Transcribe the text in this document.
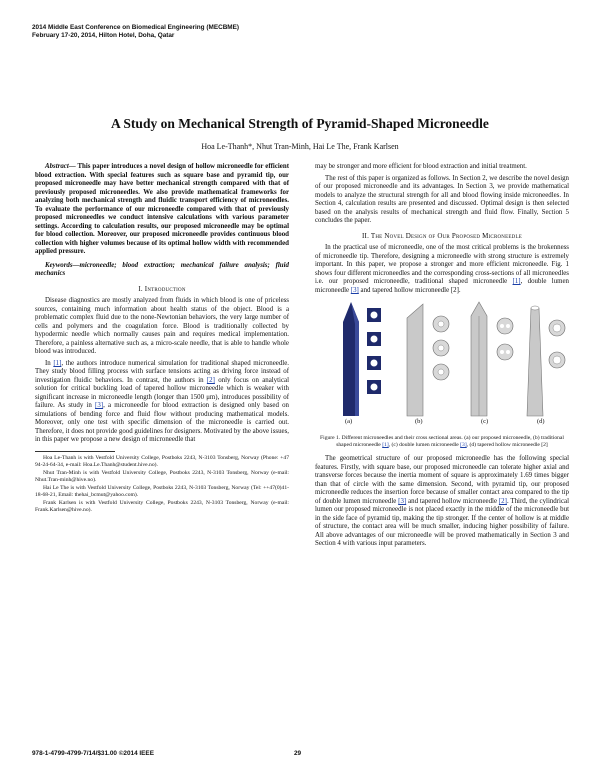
2014 Middle East Conference on Biomedical Engineering (MECBME)
February 17-20, 2014, Hilton Hotel, Doha, Qatar
A Study on Mechanical Strength of Pyramid-Shaped Microneedle
Hoa Le-Thanh*, Nhut Tran-Minh, Hai Le The, Frank Karlsen

Abstract— This paper introduces a novel design of hollow microneedle for efficient blood extraction. With special features such as square base and pyramid tip, our proposed microneedle may have better mechanical strength compared with that of previously proposed microneedles. We also provide mathematical frameworks for analyzing both mechanical strength and fluidic transport efficiency of microneedles. To evaluate the performance of our microneedle compared with that of previously proposed microneedles we conduct intensive calculations with various parameter settings. According to calculation results, our proposed microneedle may be optimal for blood collection. Moreover, our proposed microneedle provides continuous blood collection with higher volumes because of its optimal hollow width with recommended applied pressure.

Keywords—microneedle; blood extraction; mechanical failure analysis; fluid mechanics

I. Introduction

Disease diagnostics are mostly analyzed from fluids in which blood is one of priceless sources, containing much information about health status of the object. Blood is a problematic complex fluid due to the none-Newtonian behaviors, the very large number of cells and polymers and the coagulation force. Blood is traditionally collected by hypodermic needle which normally causes pain and requires medical implementation. Therefore, a painless alternative such as, a micro-scale needle, that is able to handle whole blood was introduced.

In [1], the authors introduce numerical simulation for traditional shaped microneedle. They study blood filling process with surface tensions acting as driving force instead of investigation fluidic behaviors. In contrast, the authors in [2] only focus on analytical solution for critical buckling load of tapered hollow microneedle which is weaker with significant increase in microneedle length (longer than 1500 μm), introduces possibility of failure. As study in [3], a microneedle for blood extraction is designed only based on simulations of bending force and fluid flow without producing mathematical models. Moreover, only one test with specific dimension of the microneedle is carried out. Therefore, it does not provide good guidelines for designers. Motivated by the above issues, in this paper we propose a new design of microneedle that

Hoa Le-Thanh is with Vestfold University College, Postboks 2243, N-3103 Tonsberg, Norway (Phone: +47 94-24-64-34, e-mail: Hoa.Le.Thanh@student.hive.no).

Nhut Tran-Minh is with Vestfold University College, Postboks 2243, N-3103 Tonsberg, Norway (e-mail: Nhut.Tran-minh@hive.no).

Hai Le The is with Vestfold University College, Postboks 2243, N-3103 Tonsberg, Norway (Tel: ++47(0)41-18-68-21, Email: thehai_bcmut@yahoo.com).

Frank Karlsen is with Vestfold University College, Postboks 2243, N-3103 Tonsberg, Norway (e-mail: Frank.Karlsen@hive.no).

may be stronger and more efficient for blood extraction and initial treatment.

The rest of this paper is organized as follows. In Section 2, we describe the novel design of our proposed microneedle and its advantages. In Section 3, we provide mathematical models to analyze the structural strength for all and blood flowing inside microneedles. In Section 4, calculation results are presented and discussed. Optimal design is then selected based on the analysis results of mechanical strength and fluid flow. Finally, Section 5 concludes the paper.

II. The Novel Design of Our Proposed Microneedle

In the practical use of microneedle, one of the most critical problems is the brokenness of microneedle tip. Therefore, designing a microneedle with strong structure is extremely important. In this paper, we propose a stronger and more efficient microneedle. Fig. 1 shows four different microneedles and the corresponding cross-sections of all microneedles i.e. our proposed microneedle, traditional shaped microneedle [1], double lumen microneedle [3] and tapered hollow microneedle [2].

(a)	(b)	(c)	(d)

Figure 1. Different microneedles and their cross sectional areas. (a) our proposed microneedle, (b) traditional shaped microneedle [1], (c) double lumen microneedle [3], (d) tapered hollow microneedle [2]

The geometrical structure of our proposed microneedle has the following special features. Firstly, with square base, our proposed microneedle can tolerate higher axial and transverse forces because the inertia moment of square is approximately 1.69 times bigger than that of circle with the same dimension. Second, with pyramid tip, our proposed microneedle reduces the insertion force because of smaller contact area compared to the tip of double lumen microneedle [3] and tapered hollow microneedle [2]. Third, the cylindrical lumen our proposed microneedle is not placed exactly in the middle of the microneedle but in the side face of pyramid tip, making the tip stronger. If the center of hollow is at middle of structure, the contact area will be much smaller, inducing higher possibility of failure. All above advantages of our microneedle will be proved mathematically in Section 3 and Section 4 with various input parameters.

978-1-4799-4799-7/14/$31.00 ©2014 IEEE	29
